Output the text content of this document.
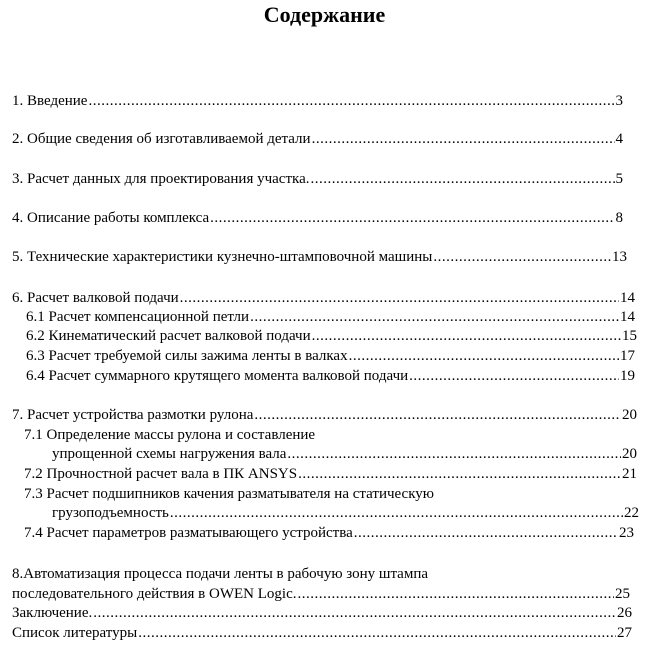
Содержание
1. Введение .....	3
2. Общие сведения об изготавливаемой детали .....	4
3. Расчет данных для проектирования участка. .....	5
4. Описание работы комплекса .....	8
5. Технические характеристики кузнечно-штамповочной машины .....	13
6. Расчет валковой подачи .....	14
6.1 Расчет компенсационной петли .....	14
6.2 Кинематический расчет валковой подачи .....	15
6.3 Расчет требуемой силы зажима ленты в валках .....	17
6.4 Расчет суммарного крутящего момента валковой подачи .....	19
7. Расчет устройства размотки рулона .....	20
7.1 Определение массы рулона и составление
упрощенной схемы нагружения вала .....	20
7.2 Прочностной расчет вала в ПК ANSYS .....	21
7.3 Расчет подшипников качения разматывателя на статическую
грузоподъемность .....	22
7.4 Расчет параметров разматывающего устройства .....	23
8.Автоматизация процесса подачи ленты в рабочую зону штампа
последовательного действия в OWEN Logic. .....	25
Заключение. .....	26
Список литературы .....	27
